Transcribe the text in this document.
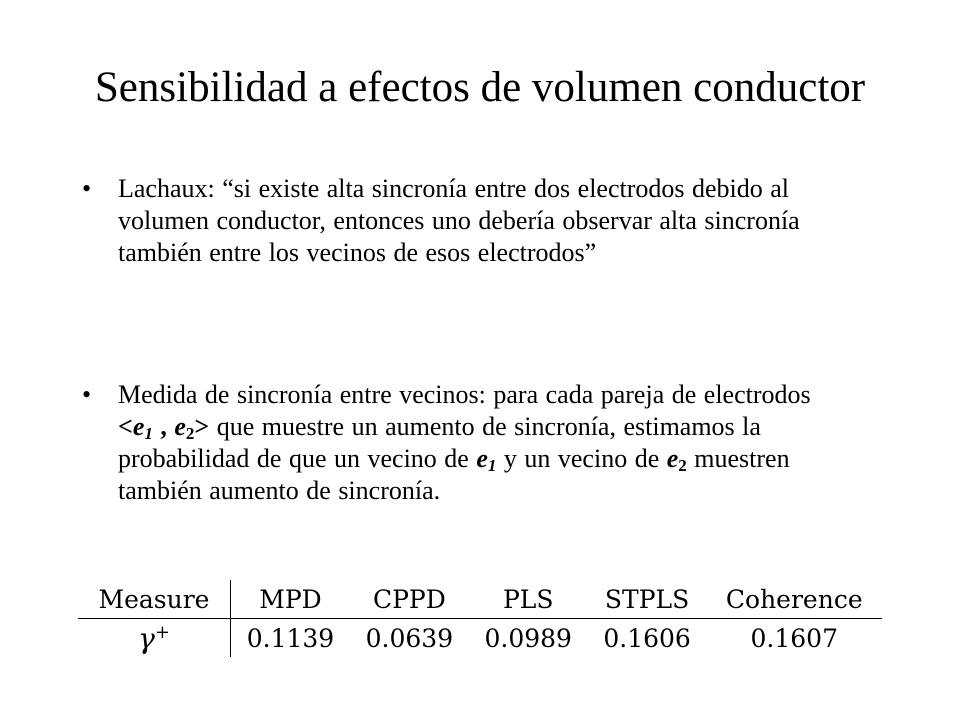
Sensibilidad a efectos de volumen conductor
• Lachaux: “si existe alta sincronía entre dos electrodos debido al volumen conductor, entonces uno debería observar alta sincronía también entre los vecinos de esos electrodos”
• Medida de sincronía entre vecinos: para cada pareja de electrodos $<e_1$ , $e_2>$ que muestre un aumento de sincronía, estimamos la probabilidad de que un vecino de $e_1$ y un vecino de $e_2$ muestren también aumento de sincronía.
Measure	MPD	CPPD	PLS	STPLS	Coherence
γ+	0.1139	0.0639	0.0989	0.1606	0.1607
